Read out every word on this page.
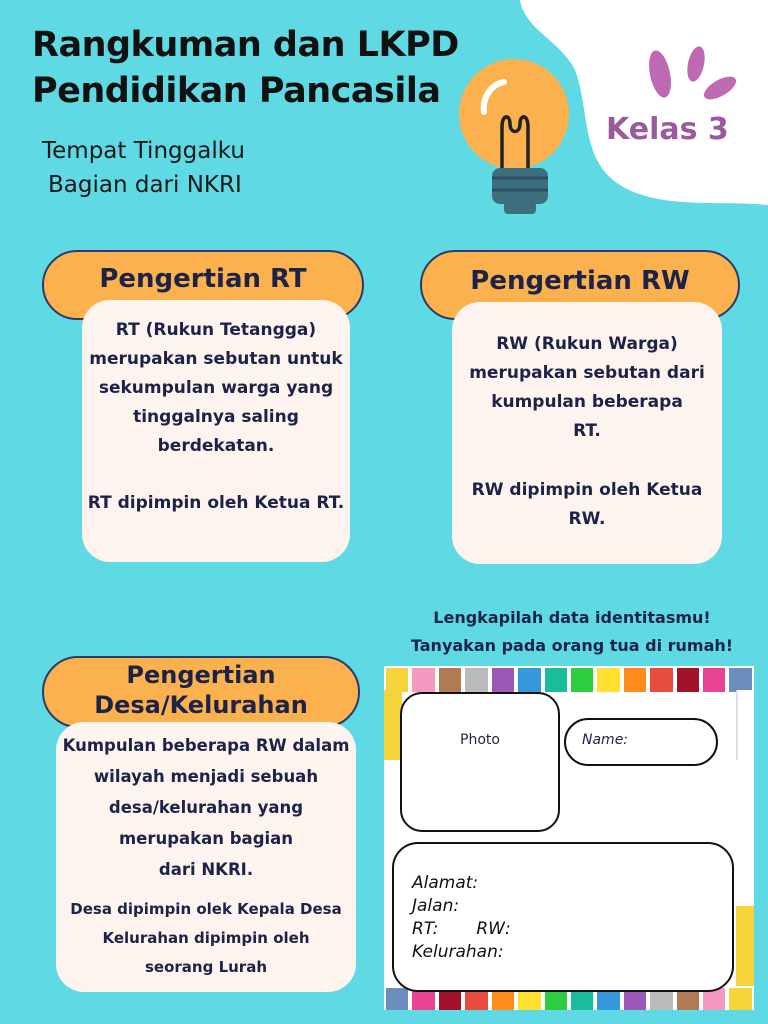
Rangkuman dan LKPD
Pendidikan Pancasila
Tempat Tinggalku
Bagian dari NKRI
Kelas 3
Pengertian RT

RT (Rukun Tetangga)

merupakan sebutan untuk

sekumpulan warga yang

tinggalnya saling

berdekatan.

RT dipimpin oleh Ketua RT.

Pengertian RW

RW (Rukun Warga)

merupakan sebutan dari

kumpulan beberapa

RT.

RW dipimpin oleh Ketua RW.

Pengertian
Desa/Kelurahan

Kumpulan beberapa RW dalam

wilayah menjadi sebuah

desa/kelurahan yang

merupakan bagian

dari NKRI.

Desa dipimpin olek Kepala Desa

Kelurahan dipimpin oleh

seorang Lurah

Lengkapilah data identitasmu!
Tanyakan pada orang tua di rumah!
Photo	Name:
Alamat:
Jalan:
RT: RW:
Kelurahan:
